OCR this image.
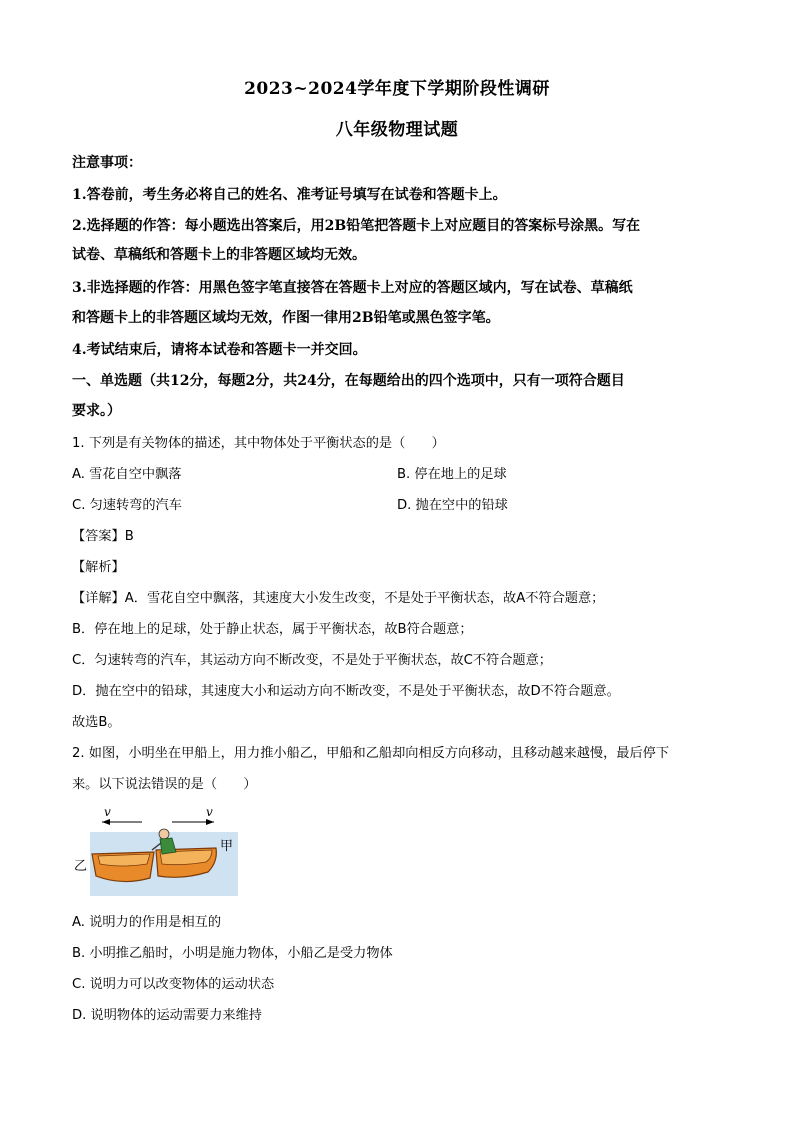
2023~2024学年度下学期阶段性调研
八年级物理试题
注意事项：
1.答卷前，考生务必将自己的姓名、准考证号填写在试卷和答题卡上。
2.选择题的作答：每小题选出答案后，用2B铅笔把答题卡上对应题目的答案标号涂黑。写在
试卷、草稿纸和答题卡上的非答题区域均无效。
3.非选择题的作答：用黑色签字笔直接答在答题卡上对应的答题区域内，写在试卷、草稿纸
和答题卡上的非答题区域均无效，作图一律用2B铅笔或黑色签字笔。
4.考试结束后，请将本试卷和答题卡一并交回。
一、单选题（共12分，每题2分，共24分，在每题给出的四个选项中，只有一项符合题目
要求。）
1. 下列是有关物体的描述，其中物体处于平衡状态的是（　　）
A. 雪花自空中飘落	B. 停在地上的足球
C. 匀速转弯的汽车	D. 抛在空中的铅球
【答案】B
【解析】
【详解】A．雪花自空中飘落，其速度大小发生改变，不是处于平衡状态，故A不符合题意；
B．停在地上的足球，处于静止状态，属于平衡状态，故B符合题意；
C．匀速转弯的汽车，其运动方向不断改变，不是处于平衡状态，故C不符合题意；
D．抛在空中的铅球，其速度大小和运动方向不断改变，不是处于平衡状态，故D不符合题意。
故选B。
2. 如图，小明坐在甲船上，用力推小船乙，甲船和乙船却向相反方向移动，且移动越来越慢，最后停下
来。以下说法错误的是（　　）
v	v
甲
乙
A. 说明力的作用是相互的
B. 小明推乙船时，小明是施力物体，小船乙是受力物体
C. 说明力可以改变物体的运动状态
D. 说明物体的运动需要力来维持
